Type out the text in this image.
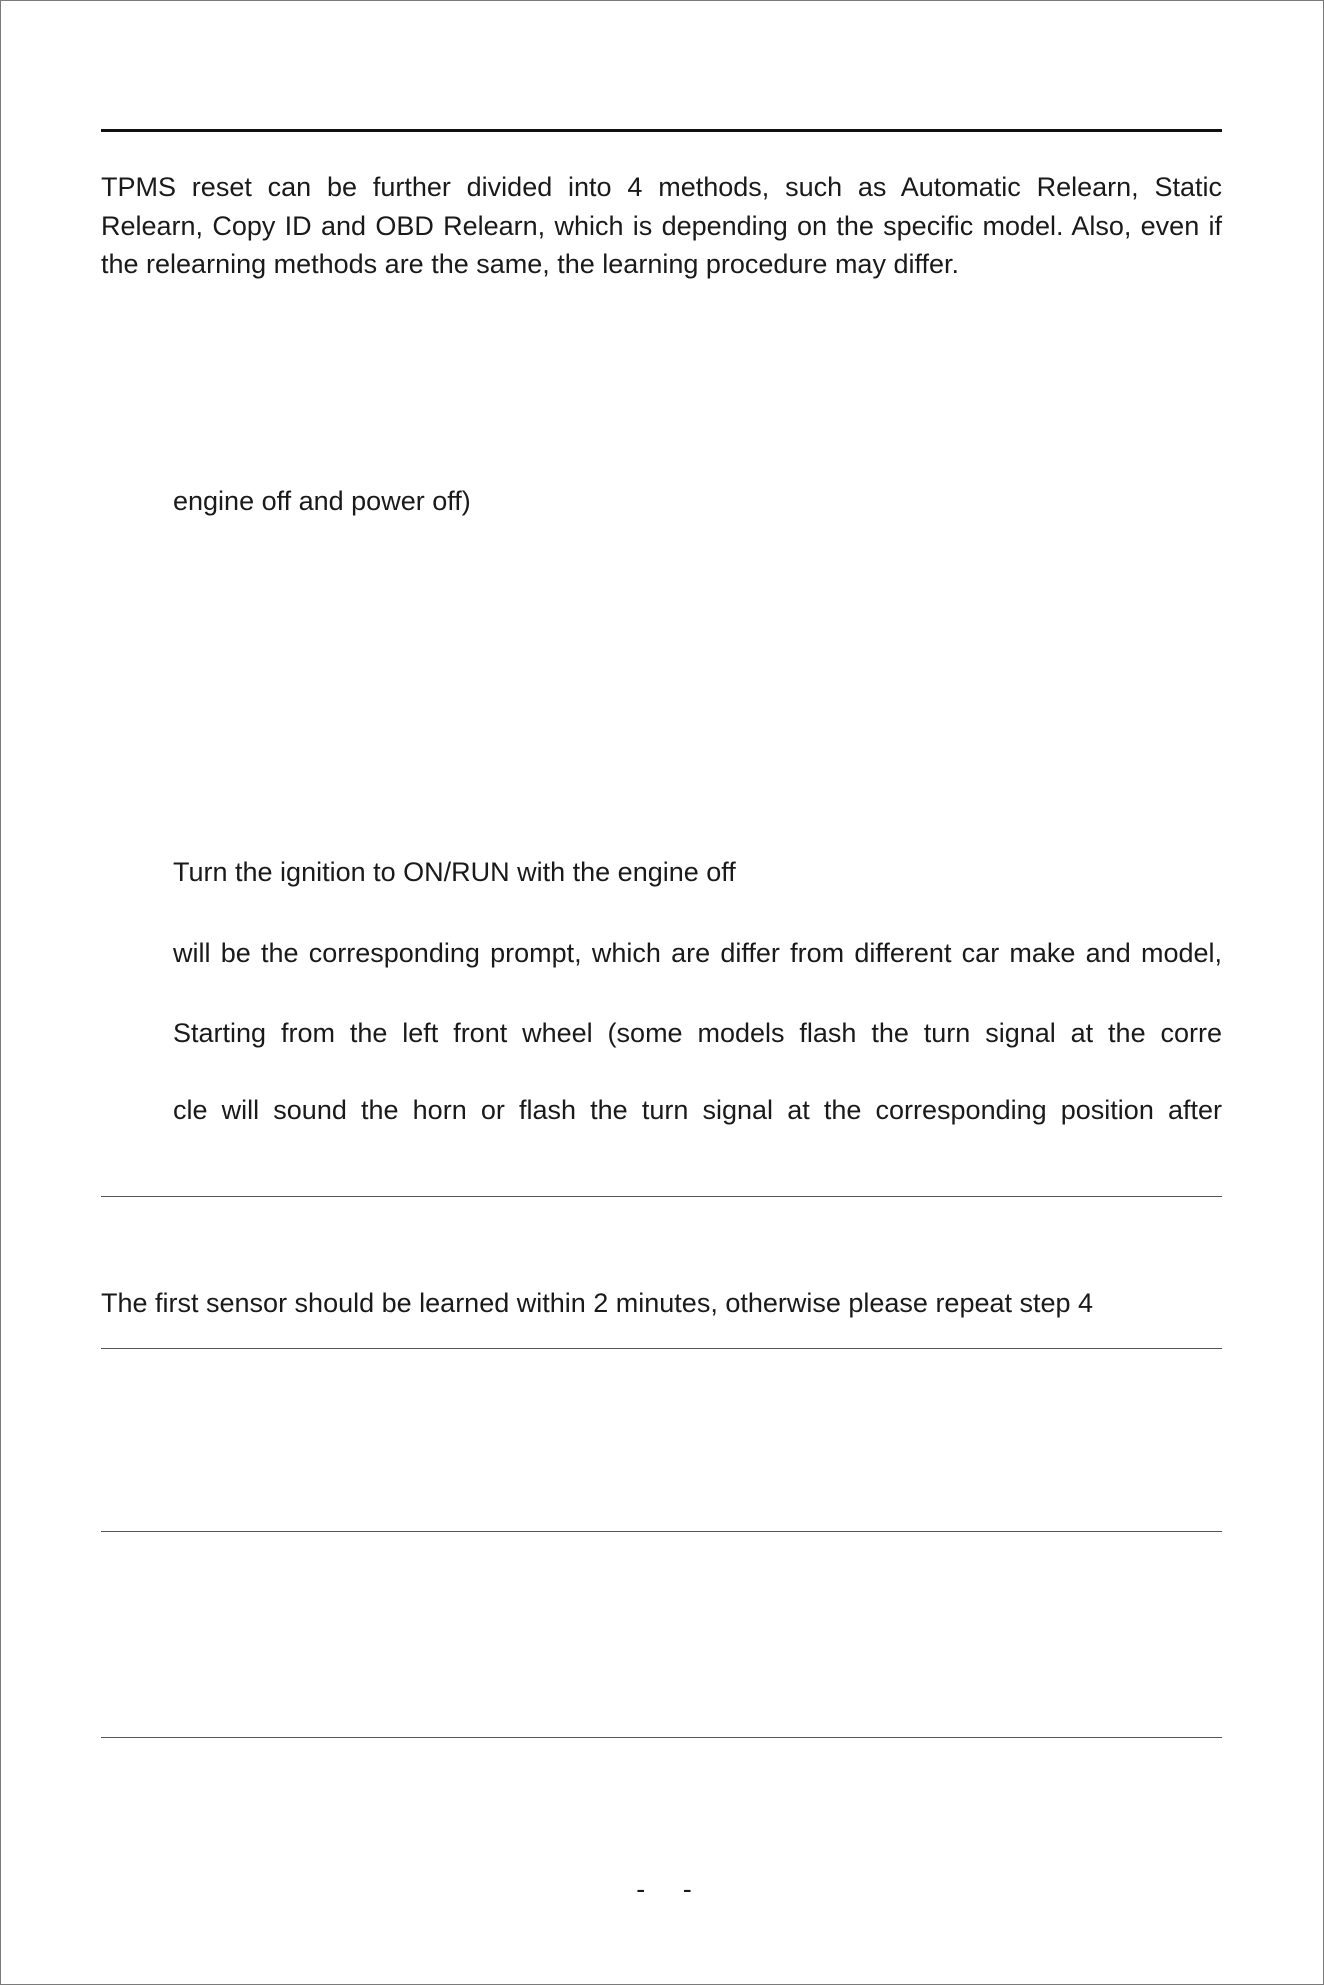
TPMS reset can be further divided into 4 methods, such as Automatic Relearn, Static Relearn, Copy ID and OBD Relearn, which is depending on the specific model. Also, even if the relearning methods are the same, the learning procedure may differ.

engine off and power off)

Turn the ignition to ON/RUN with the engine off

will be the corresponding prompt, which are differ from different car make and model,

Starting from the left front wheel (some models flash the turn signal at the corre

cle will sound the horn or flash the turn signal at the corresponding position after

The first sensor should be learned within 2 minutes, otherwise please repeat step 4

-     -
